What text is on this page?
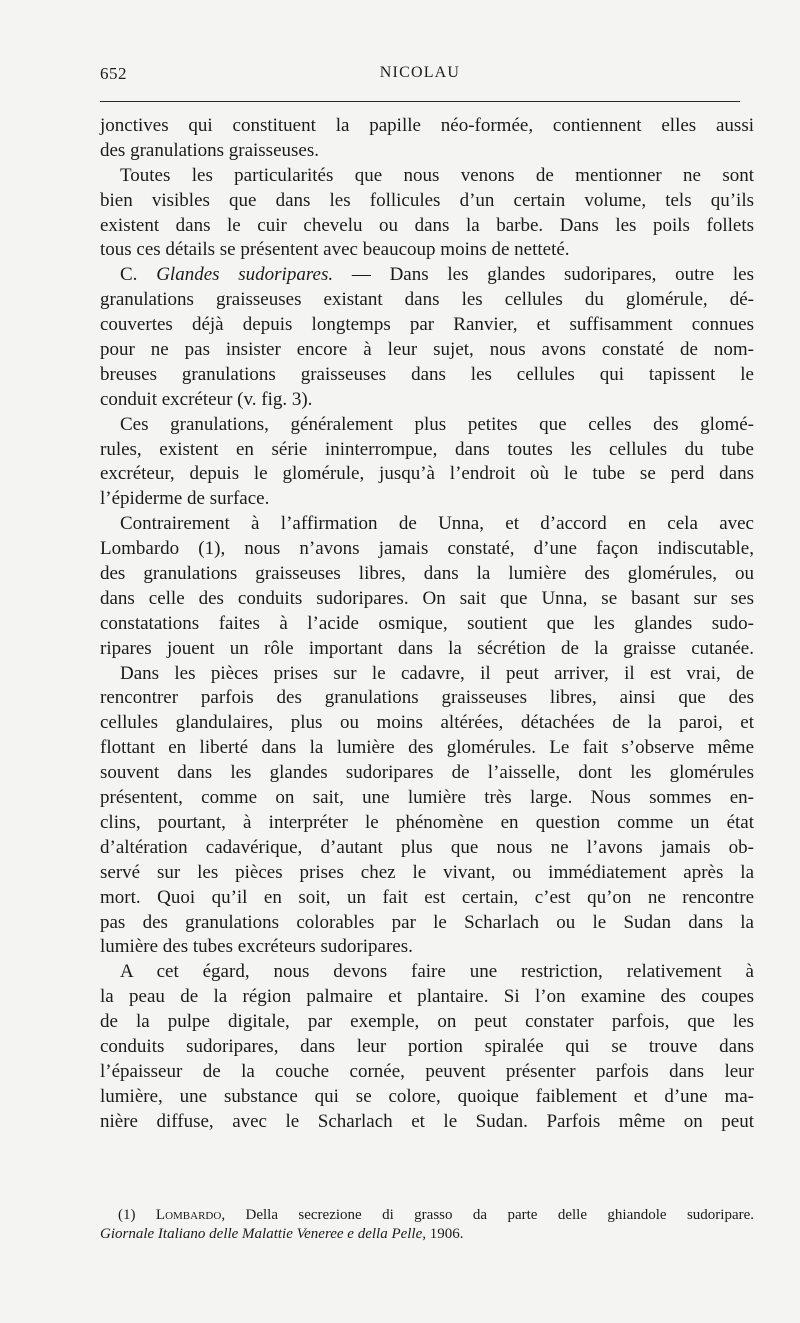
652	NICOLAU
jonctives qui constituent la papille néo-formée, contiennent elles aussi
des granulations graisseuses.
Toutes les particularités que nous venons de mentionner ne sont
bien visibles que dans les follicules d’un certain volume, tels qu’ils
existent dans le cuir chevelu ou dans la barbe. Dans les poils follets
tous ces détails se présentent avec beaucoup moins de netteté.
C. Glandes sudoripares. — Dans les glandes sudoripares, outre les
granulations graisseuses existant dans les cellules du glomérule, dé-
couvertes déjà depuis longtemps par Ranvier, et suffisamment connues
pour ne pas insister encore à leur sujet, nous avons constaté de nom-
breuses granulations graisseuses dans les cellules qui tapissent le
conduit excréteur (v. fig. 3).
Ces granulations, généralement plus petites que celles des glomé-
rules, existent en série ininterrompue, dans toutes les cellules du tube
excréteur, depuis le glomérule, jusqu’à l’endroit où le tube se perd dans
l’épiderme de surface.
Contrairement à l’affirmation de Unna, et d’accord en cela avec
Lombardo (1), nous n’avons jamais constaté, d’une façon indiscutable,
des granulations graisseuses libres, dans la lumière des glomérules, ou
dans celle des conduits sudoripares. On sait que Unna, se basant sur ses
constatations faites à l’acide osmique, soutient que les glandes sudo-
ripares jouent un rôle important dans la sécrétion de la graisse cutanée.
Dans les pièces prises sur le cadavre, il peut arriver, il est vrai, de
rencontrer parfois des granulations graisseuses libres, ainsi que des
cellules glandulaires, plus ou moins altérées, détachées de la paroi, et
flottant en liberté dans la lumière des glomérules. Le fait s’observe même
souvent dans les glandes sudoripares de l’aisselle, dont les glomérules
présentent, comme on sait, une lumière très large. Nous sommes en-
clins, pourtant, à interpréter le phénomène en question comme un état
d’altération cadavérique, d’autant plus que nous ne l’avons jamais ob-
servé sur les pièces prises chez le vivant, ou immédiatement après la
mort. Quoi qu’il en soit, un fait est certain, c’est qu’on ne rencontre
pas des granulations colorables par le Scharlach ou le Sudan dans la
lumière des tubes excréteurs sudoripares.
A cet égard, nous devons faire une restriction, relativement à
la peau de la région palmaire et plantaire. Si l’on examine des coupes
de la pulpe digitale, par exemple, on peut constater parfois, que les
conduits sudoripares, dans leur portion spiralée qui se trouve dans
l’épaisseur de la couche cornée, peuvent présenter parfois dans leur
lumière, une substance qui se colore, quoique faiblement et d’une ma-
nière diffuse, avec le Scharlach et le Sudan. Parfois même on peut
(1) Lombardo, Della secrezione di grasso da parte delle ghiandole sudoripare.
Giornale Italiano delle Malattie Veneree e della Pelle, 1906.
